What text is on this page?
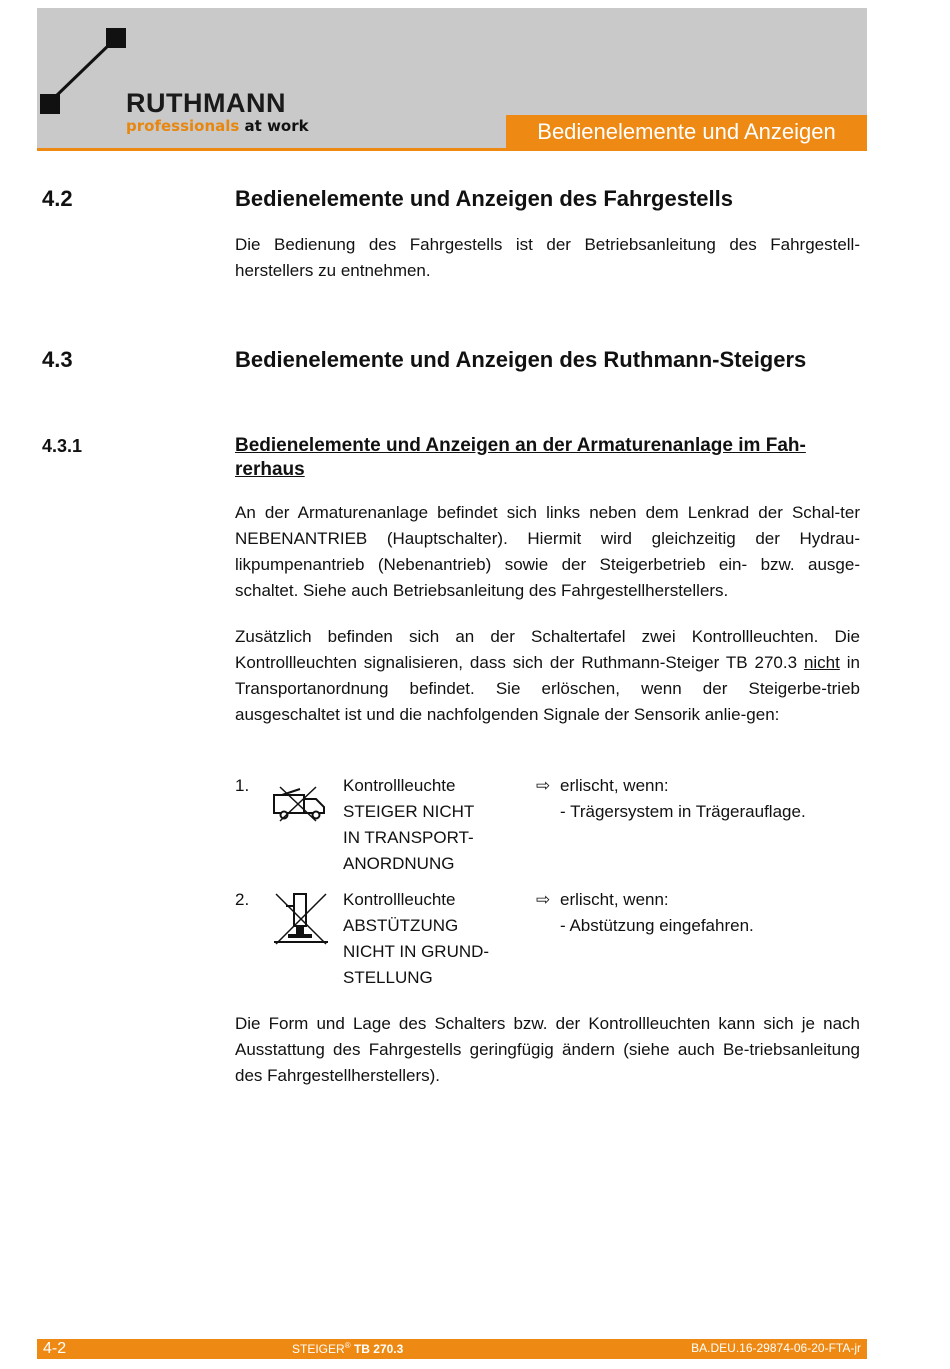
RUTHMANN
professionals at work	Bedienelemente und Anzeigen
4.2	Bedienelemente und Anzeigen des Fahrgestells

Die Bedienung des Fahrgestells ist der Betriebsanleitung des Fahrgestell-herstellers zu entnehmen.

4.3	Bedienelemente und Anzeigen des Ruthmann-Steigers
4.3.1	Bedienelemente und Anzeigen an der Armaturenanlage im Fah-
rerhaus

An der Armaturenanlage befindet sich links neben dem Lenkrad der Schal-ter NEBENANTRIEB (Hauptschalter). Hiermit wird gleichzeitig der Hydrau-likpumpenantrieb (Nebenantrieb) sowie der Steigerbetrieb ein- bzw. ausge-schaltet. Siehe auch Betriebsanleitung des Fahrgestellherstellers.

Zusätzlich befinden sich an der Schaltertafel zwei Kontrollleuchten. Die Kontrollleuchten signalisieren, dass sich der Ruthmann-Steiger TB 270.3 nicht in Transportanordnung befindet. Sie erlöschen, wenn der Steigerbe-trieb ausgeschaltet ist und die nachfolgenden Signale der Sensorik anlie-gen:

1.	Kontrollleuchte
STEIGER NICHT
IN TRANSPORT-
ANORDNUNG
⇨ erlischt, wenn:
- Trägersystem in Trägerauflage.
2.	Kontrollleuchte
ABSTÜTZUNG
NICHT IN GRUND-
STELLUNG
⇨ erlischt, wenn:
- Abstützung eingefahren.

Die Form und Lage des Schalters bzw. der Kontrollleuchten kann sich je nach Ausstattung des Fahrgestells geringfügig ändern (siehe auch Be-triebsanleitung des Fahrgestellherstellers).

4-2	STEIGER® TB 270.3	BA.DEU.16-29874-06-20-FTA-jr
